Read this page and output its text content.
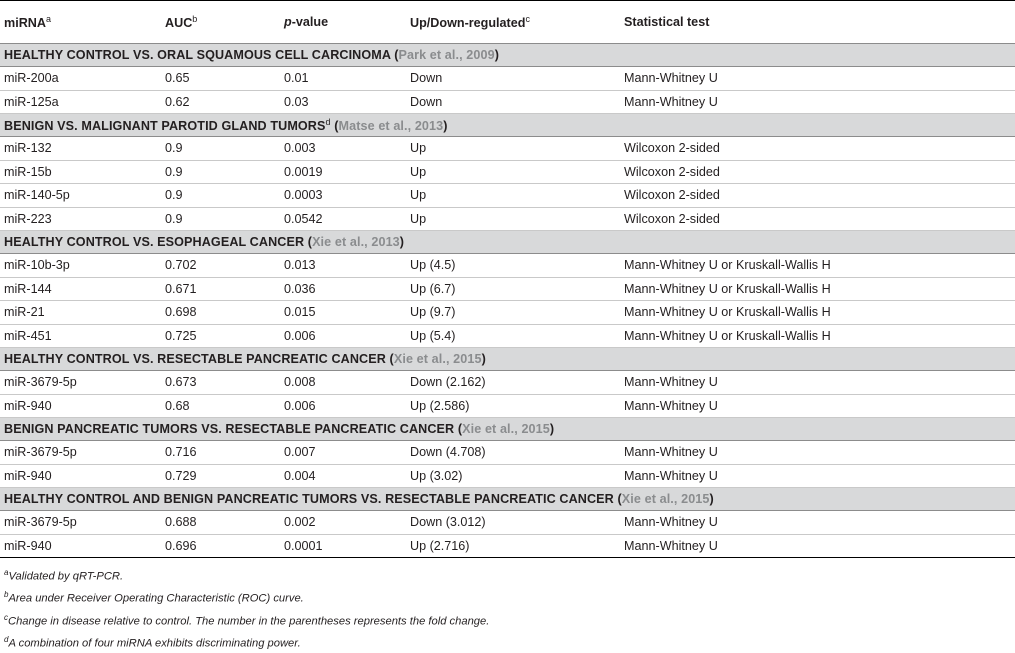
miRNA$^a$	AUC$^b$	p-value	Up/Down-regulated$^c$	Statistical test
HEALTHY CONTROL VS. ORAL SQUAMOUS CELL CARCINOMA (Park et al., 2009)				
miR-200a	0.65	0.01	Down	Mann-Whitney U
miR-125a	0.62	0.03	Down	Mann-Whitney U
BENIGN VS. MALIGNANT PAROTID GLAND TUMORS$^d$ (Matse et al., 2013)				
miR-132	0.9	0.003	Up	Wilcoxon 2-sided
miR-15b	0.9	0.0019	Up	Wilcoxon 2-sided
miR-140-5p	0.9	0.0003	Up	Wilcoxon 2-sided
miR-223	0.9	0.0542	Up	Wilcoxon 2-sided
HEALTHY CONTROL VS. ESOPHAGEAL CANCER (Xie et al., 2013)				
miR-10b-3p	0.702	0.013	Up (4.5)	Mann-Whitney U or Kruskall-Wallis H
miR-144	0.671	0.036	Up (6.7)	Mann-Whitney U or Kruskall-Wallis H
miR-21	0.698	0.015	Up (9.7)	Mann-Whitney U or Kruskall-Wallis H
miR-451	0.725	0.006	Up (5.4)	Mann-Whitney U or Kruskall-Wallis H
HEALTHY CONTROL VS. RESECTABLE PANCREATIC CANCER (Xie et al., 2015)				
miR-3679-5p	0.673	0.008	Down (2.162)	Mann-Whitney U
miR-940	0.68	0.006	Up (2.586)	Mann-Whitney U
BENIGN PANCREATIC TUMORS VS. RESECTABLE PANCREATIC CANCER (Xie et al., 2015)				
miR-3679-5p	0.716	0.007	Down (4.708)	Mann-Whitney U
miR-940	0.729	0.004	Up (3.02)	Mann-Whitney U
HEALTHY CONTROL AND BENIGN PANCREATIC TUMORS VS. RESECTABLE PANCREATIC CANCER (Xie et al., 2015)				
miR-3679-5p	0.688	0.002	Down (3.012)	Mann-Whitney U
miR-940	0.696	0.0001	Up (2.716)	Mann-Whitney U
$^a$Validated by qRT-PCR.
$^b$Area under Receiver Operating Characteristic (ROC) curve.
$^c$Change in disease relative to control. The number in the parentheses represents the fold change.
$^d$A combination of four miRNA exhibits discriminating power.
